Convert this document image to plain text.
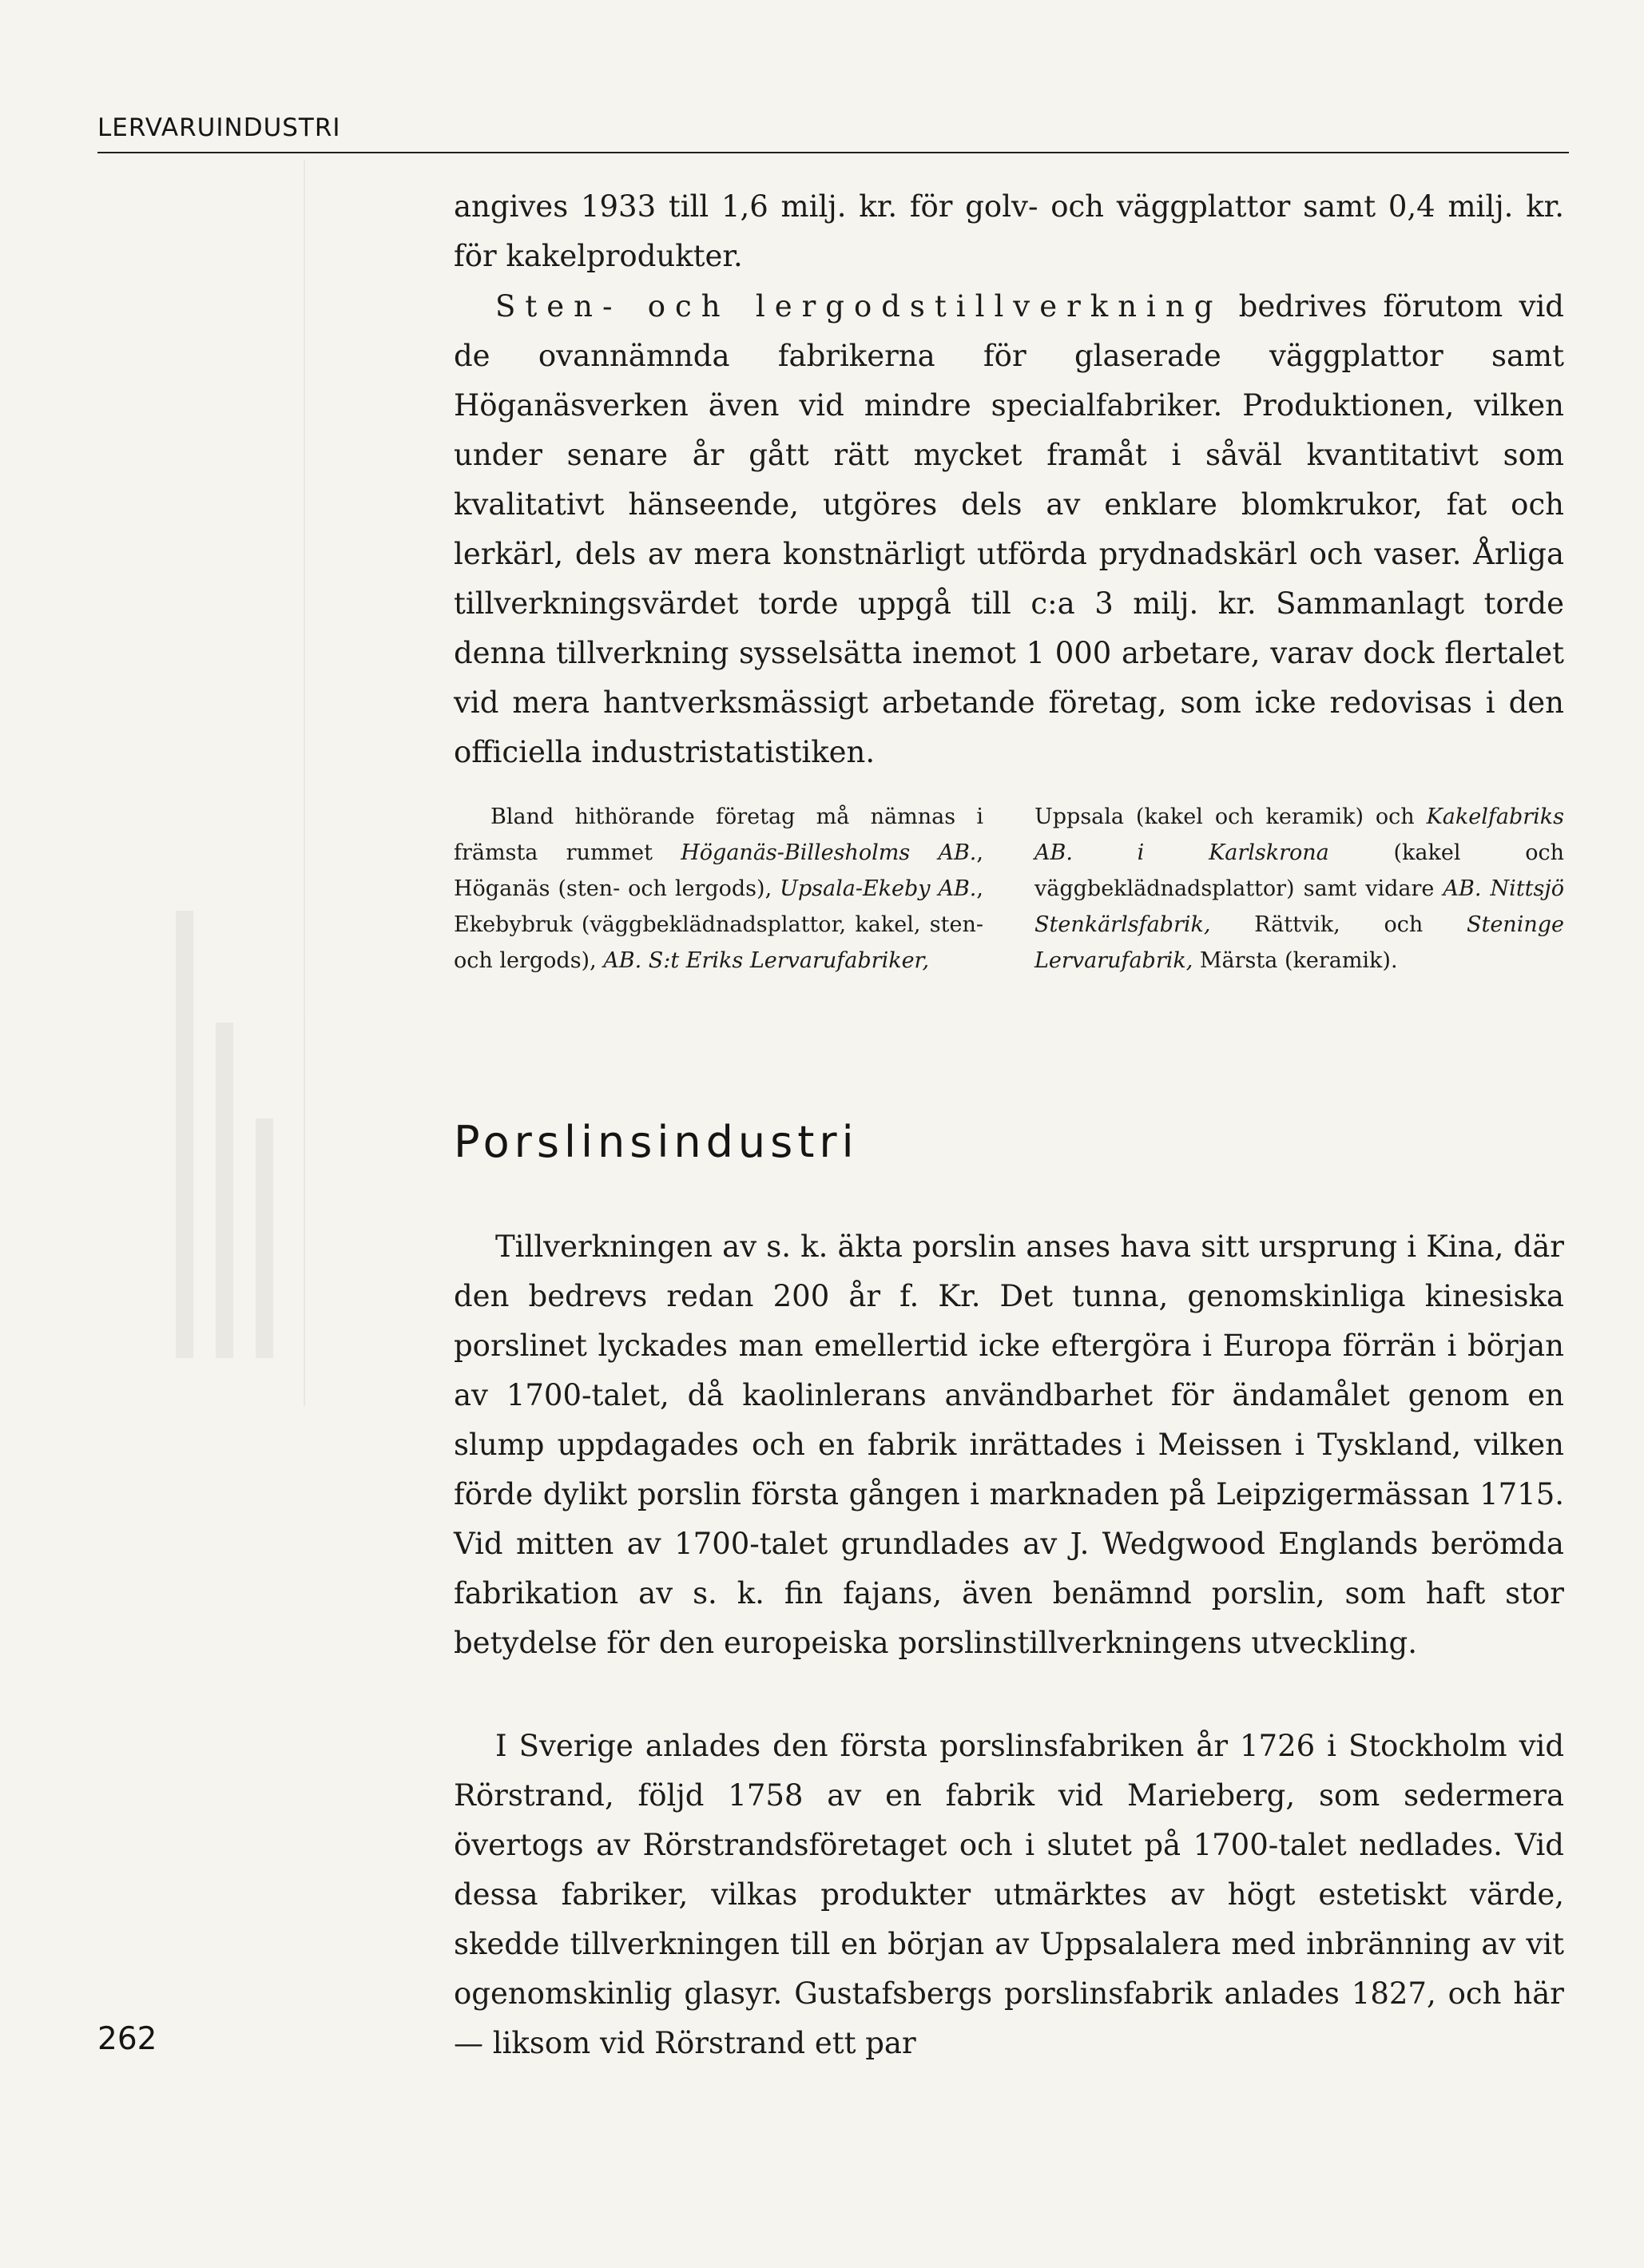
LERVARUINDUSTRI

angives 1933 till 1,6 milj. kr. för golv- och väggplattor samt 0,4 milj. kr. för kakelprodukter.

Sten- och lergodstillverkning bedrives förutom vid de ovannämnda fabrikerna för glaserade väggplattor samt Höganäsverken även vid mindre specialfabriker. Produktionen, vilken under senare år gått rätt mycket framåt i såväl kvantitativt som kvalitativt hänseende, utgöres dels av enklare blomkrukor, fat och lerkärl, dels av mera konstnärligt utförda prydnadskärl och vaser. Årliga tillverkningsvärdet torde uppgå till c:a 3 milj. kr. Sammanlagt torde denna tillverkning sysselsätta inemot 1 000 arbetare, varav dock flertalet vid mera hantverksmässigt arbetande företag, som icke redovisas i den officiella industristatistiken.

Bland hithörande företag må nämnas i främsta rummet Höganäs-Billesholms AB., Höganäs (sten- och lergods), Upsala-Ekeby AB., Ekebybruk (väggbeklädnadsplattor, kakel, sten- och lergods), AB. S:t Eriks Lervarufabriker,

Uppsala (kakel och keramik) och Kakelfabriks AB. i Karlskrona (kakel och väggbeklädnadsplattor) samt vidare AB. Nittsjö Stenkärlsfabrik, Rättvik, och Steninge Lervarufabrik, Märsta (keramik).

Porslinsindustri

Tillverkningen av s. k. äkta porslin anses hava sitt ursprung i Kina, där den bedrevs redan 200 år f. Kr. Det tunna, genomskinliga kinesiska porslinet lyckades man emellertid icke eftergöra i Europa förrän i början av 1700-talet, då kaolinlerans användbarhet för ändamålet genom en slump uppdagades och en fabrik inrättades i Meissen i Tyskland, vilken förde dylikt porslin första gången i marknaden på Leipzigermässan 1715. Vid mitten av 1700-talet grundlades av J. Wedgwood Englands berömda fabrikation av s. k. fin fajans, även benämnd porslin, som haft stor betydelse för den europeiska porslinstillverkningens utveckling.

I Sverige anlades den första porslinsfabriken år 1726 i Stockholm vid Rörstrand, följd 1758 av en fabrik vid Marieberg, som sedermera övertogs av Rörstrandsföretaget och i slutet på 1700-talet nedlades. Vid dessa fabriker, vilkas produkter utmärktes av högt estetiskt värde, skedde tillverkningen till en början av Uppsalalera med inbränning av vit ogenomskinlig glasyr. Gustafsbergs porslinsfabrik anlades 1827, och här — liksom vid Rörstrand ett par

262
